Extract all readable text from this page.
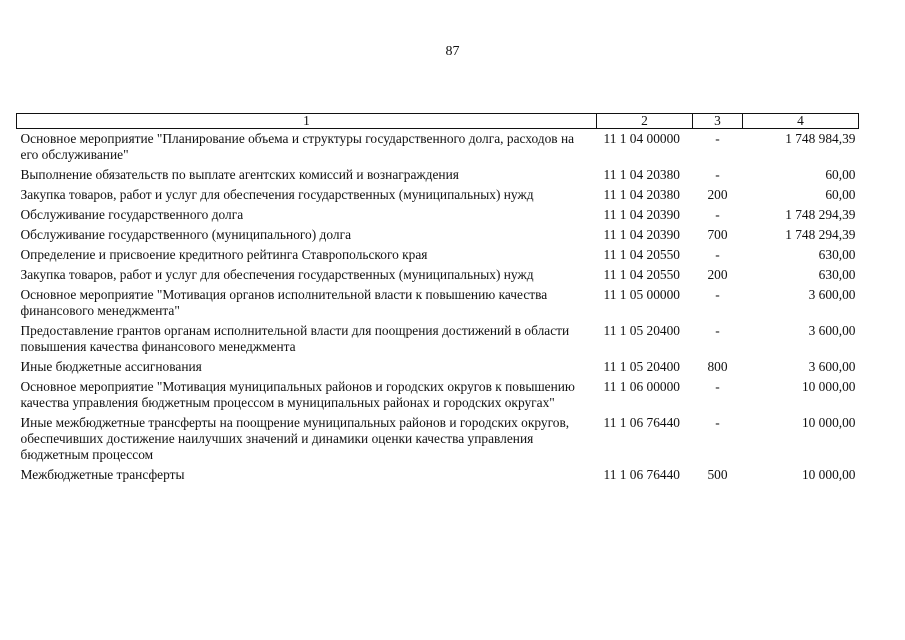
87
1	2	3	4
Основное мероприятие "Планирование объема и структуры государственного долга, расходов на его обслуживание"	11 1 04 00000	-	1 748 984,39
Выполнение обязательств по выплате агентских комиссий и вознаграждения	11 1 04 20380	-	60,00
Закупка товаров, работ и услуг для обеспечения государственных (муниципальных) нужд	11 1 04 20380	200	60,00
Обслуживание государственного долга	11 1 04 20390	-	1 748 294,39
Обслуживание государственного (муниципального) долга	11 1 04 20390	700	1 748 294,39
Определение и присвоение кредитного рейтинга Ставропольского края	11 1 04 20550	-	630,00
Закупка товаров, работ и услуг для обеспечения государственных (муниципальных) нужд	11 1 04 20550	200	630,00
Основное мероприятие "Мотивация органов исполнительной власти к повышению качества финансового менеджмента"	11 1 05 00000	-	3 600,00
Предоставление грантов органам исполнительной власти для поощрения достижений в области повышения качества финансового менеджмента	11 1 05 20400	-	3 600,00
Иные бюджетные ассигнования	11 1 05 20400	800	3 600,00
Основное мероприятие "Мотивация муниципальных районов и городских округов к повышению качества управления бюджетным процессом в муниципальных районах и городских округах"	11 1 06 00000	-	10 000,00
Иные межбюджетные трансферты на поощрение муниципальных районов и городских округов, обеспечивших достижение наилучших значений и динамики оценки качества управления бюджетным процессом	11 1 06 76440	-	10 000,00
Межбюджетные трансферты	11 1 06 76440	500	10 000,00
